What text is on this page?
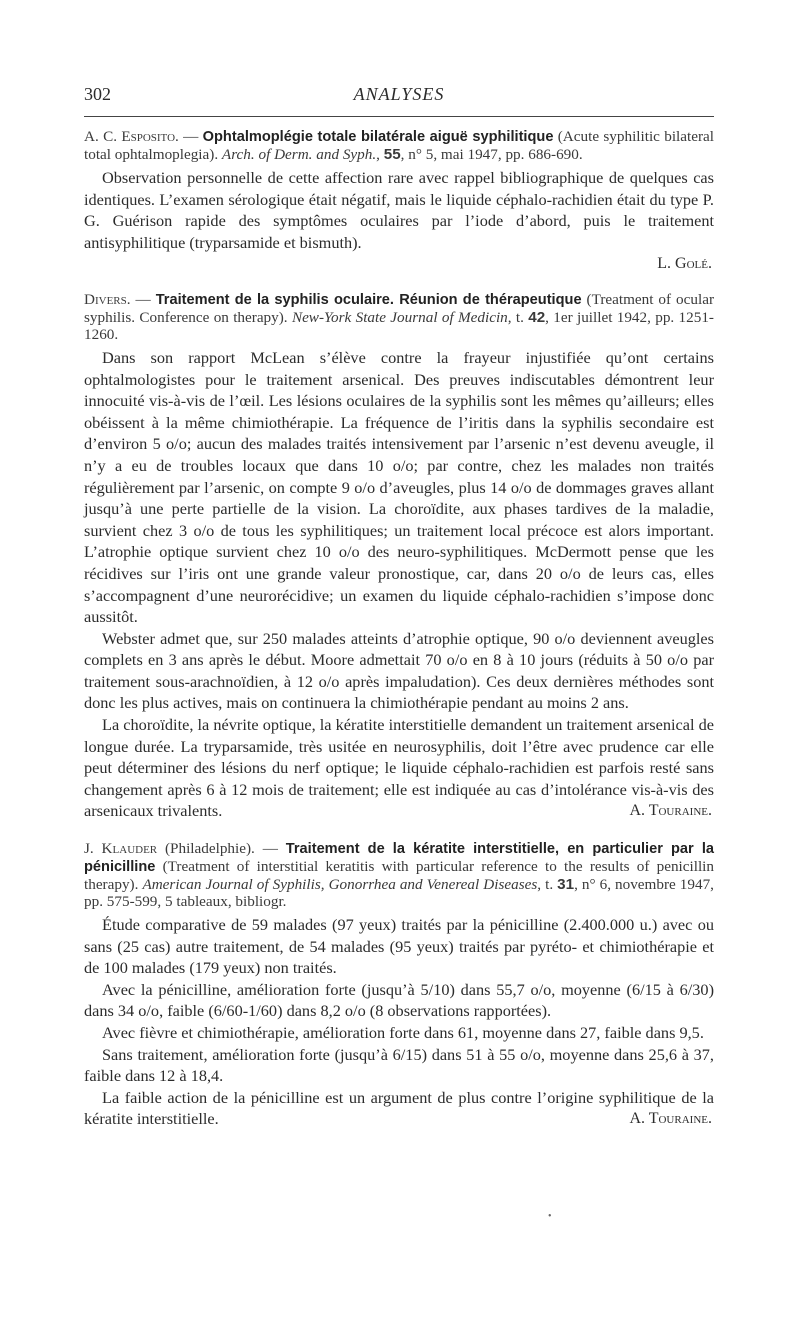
302	ANALYSES

A. C. Esposito. — Ophtalmoplégie totale bilatérale aiguë syphilitique (Acute syphilitic bilateral total ophtalmoplegia). Arch. of Derm. and Syph., 55, n° 5, mai 1947, pp. 686-690.

Observation personnelle de cette affection rare avec rappel bibliographique de quelques cas identiques. L’examen sérologique était négatif, mais le liquide céphalo-rachidien était du type P. G. Guérison rapide des symptômes oculaires par l’iode d’abord, puis le traitement antisyphilitique (tryparsamide et bismuth).

L. Golé.

Divers. — Traitement de la syphilis oculaire. Réunion de thérapeutique (Treatment of ocular syphilis. Conference on therapy). New-York State Journal of Medicin, t. 42, 1er juillet 1942, pp. 1251-1260.

Dans son rapport McLean s’élève contre la frayeur injustifiée qu’ont certains ophtalmologistes pour le traitement arsenical. Des preuves indiscutables démontrent leur innocuité vis-à-vis de l’œil. Les lésions oculaires de la syphilis sont les mêmes qu’ailleurs; elles obéissent à la même chimiothérapie. La fréquence de l’iritis dans la syphilis secondaire est d’environ 5 o/o; aucun des malades traités intensivement par l’arsenic n’est devenu aveugle, il n’y a eu de troubles locaux que dans 10 o/o; par contre, chez les malades non traités régulièrement par l’arsenic, on compte 9 o/o d’aveugles, plus 14 o/o de dommages graves allant jusqu’à une perte partielle de la vision. La choroïdite, aux phases tardives de la maladie, survient chez 3 o/o de tous les syphilitiques; un traitement local précoce est alors important. L’atrophie optique survient chez 10 o/o des neuro-syphilitiques. McDermott pense que les récidives sur l’iris ont une grande valeur pronostique, car, dans 20 o/o de leurs cas, elles s’accompagnent d’une neurorécidive; un examen du liquide céphalo-rachidien s’impose donc aussitôt.

Webster admet que, sur 250 malades atteints d’atrophie optique, 90 o/o deviennent aveugles complets en 3 ans après le début. Moore admettait 70 o/o en 8 à 10 jours (réduits à 50 o/o par traitement sous-arachnoïdien, à 12 o/o après impaludation). Ces deux dernières méthodes sont donc les plus actives, mais on continuera la chimiothérapie pendant au moins 2 ans.

La choroïdite, la névrite optique, la kératite interstitielle demandent un traitement arsenical de longue durée. La tryparsamide, très usitée en neurosyphilis, doit l’être avec prudence car elle peut déterminer des lésions du nerf optique; le liquide céphalo-rachidien est parfois resté sans changement après 6 à 12 mois de traitement; elle est indiquée au cas d’intolérance vis-à-vis des arsenicaux trivalents.	A. Touraine.

J. Klauder (Philadelphie). — Traitement de la kératite interstitielle, en particulier par la pénicilline (Treatment of interstitial keratitis with particular reference to the results of penicillin therapy). American Journal of Syphilis, Gonorrhea and Venereal Diseases, t. 31, n° 6, novembre 1947, pp. 575-599, 5 tableaux, bibliogr.

Étude comparative de 59 malades (97 yeux) traités par la pénicilline (2.400.000 u.) avec ou sans (25 cas) autre traitement, de 54 malades (95 yeux) traités par pyréto- et chimiothérapie et de 100 malades (179 yeux) non traités.

Avec la pénicilline, amélioration forte (jusqu’à 5/10) dans 55,7 o/o, moyenne (6/15 à 6/30) dans 34 o/o, faible (6/60-1/60) dans 8,2 o/o (8 observations rapportées).

Avec fièvre et chimiothérapie, amélioration forte dans 61, moyenne dans 27, faible dans 9,5.

Sans traitement, amélioration forte (jusqu’à 6/15) dans 51 à 55 o/o, moyenne dans 25,6 à 37, faible dans 12 à 18,4.

La faible action de la pénicilline est un argument de plus contre l’origine syphilitique de la kératite interstitielle.	A. Touraine.

•
